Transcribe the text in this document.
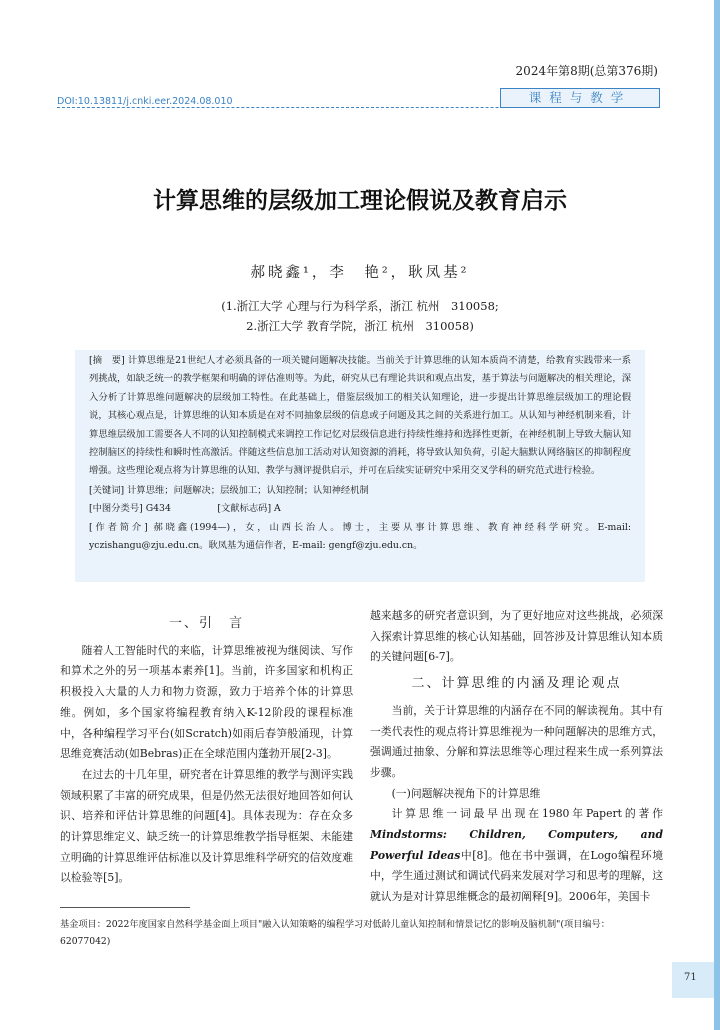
2024年第8期(总第376期)
课程与教学
DOI:10.13811/j.cnki.eer.2024.08.010
计算思维的层级加工理论假说及教育启示
郝晓鑫¹，李　艳²，耿凤基²
(1.浙江大学 心理与行为科学系，浙江 杭州　310058;
2.浙江大学 教育学院，浙江 杭州　310058)

[摘　要] 计算思维是21世纪人才必须具备的一项关键问题解决技能。当前关于计算思维的认知本质尚不清楚，给教育实践带来一系列挑战，如缺乏统一的教学框架和明确的评估准则等。为此，研究从已有理论共识和观点出发，基于算法与问题解决的相关理论，深入分析了计算思维问题解决的层级加工特性。在此基础上，借鉴层级加工的相关认知理论，进一步提出计算思维层级加工的理论假说，其核心观点是，计算思维的认知本质是在对不同抽象层级的信息或子问题及其之间的关系进行加工。从认知与神经机制来看，计算思维层级加工需要各人不同的认知控制模式来调控工作记忆对层级信息进行持续性维持和选择性更新，在神经机制上导致大脑认知控制脑区的持续性和瞬时性高激活。伴随这些信息加工活动对认知资源的消耗，将导致认知负荷，引起大脑默认网络脑区的抑制程度增强。这些理论观点将为计算思维的认知、教学与测评提供启示，并可在后续实证研究中采用交叉学科的研究范式进行检验。

[关键词] 计算思维；问题解决；层级加工；认知控制；认知神经机制

[中图分类号] G434　　　　　[文献标志码] A

[作者简介] 郝晓鑫(1994—)，女，山西长治人。博士，主要从事计算思维、教育神经科学研究。E-mail: yczishangu@zju.edu.cn。耿凤基为通信作者，E-mail: gengf@zju.edu.cn。

一、引　言

随着人工智能时代的来临，计算思维被视为继阅读、写作和算术之外的另一项基本素养[1]。当前，许多国家和机构正积极投入大量的人力和物力资源，致力于培养个体的计算思维。例如，多个国家将编程教育纳入K-12阶段的课程标准中，各种编程学习平台(如Scratch)如雨后春笋般涌现，计算思维竞赛活动(如Bebras)正在全球范围内蓬勃开展[2-3]。

在过去的十几年里，研究者在计算思维的教学与测评实践领域积累了丰富的研究成果，但是仍然无法很好地回答如何认识、培养和评估计算思维的问题[4]。具体表现为：存在众多的计算思维定义、缺乏统一的计算思维教学指导框架、未能建立明确的计算思维评估标准以及计算思维科学研究的信效度难以检验等[5]。

越来越多的研究者意识到，为了更好地应对这些挑战，必须深入探索计算思维的核心认知基础，回答涉及计算思维认知本质的关键问题[6-7]。

二、计算思维的内涵及理论观点

当前，关于计算思维的内涵存在不同的解读视角。其中有一类代表性的观点将计算思维视为一种问题解决的思维方式，强调通过抽象、分解和算法思维等心理过程来生成一系列算法步骤。

(一)问题解决视角下的计算思维

计算思维一词最早出现在1980年Papert的著作Mindstorms: Children, Computers, and Powerful Ideas中[8]。他在书中强调，在Logo编程环境中，学生通过测试和调试代码来发展对学习和思考的理解，这就认为是对计算思维概念的最初阐释[9]。2006年，美国卡

基金项目：2022年度国家自然科学基金面上项目"融入认知策略的编程学习对低龄儿童认知控制和情景记忆的影响及脑机制"(项目编号：62077042)
71
